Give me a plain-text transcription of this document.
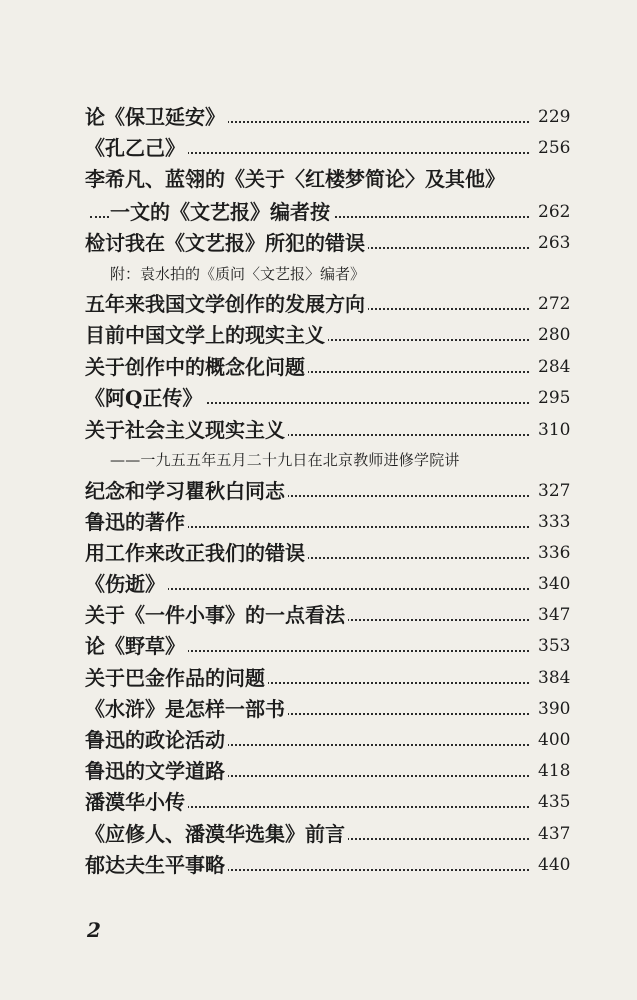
论《保卫延安》	229
《孔乙己》	256
李希凡、蓝翎的《关于〈红楼梦简论〉及其他》
一文的《文艺报》编者按	262
检讨我在《文艺报》所犯的错误	263
附：袁水拍的《质问〈文艺报〉编者》
五年来我国文学创作的发展方向	272
目前中国文学上的现实主义	280
关于创作中的概念化问题	284
《阿Q正传》	295
关于社会主义现实主义	310
——一九五五年五月二十九日在北京教师进修学院讲
纪念和学习瞿秋白同志	327
鲁迅的著作	333
用工作来改正我们的错误	336
《伤逝》	340
关于《一件小事》的一点看法	347
论《野草》	353
关于巴金作品的问题	384
《水浒》是怎样一部书	390
鲁迅的政论活动	400
鲁迅的文学道路	418
潘漠华小传	435
《应修人、潘漠华选集》前言	437
郁达夫生平事略	440
2
